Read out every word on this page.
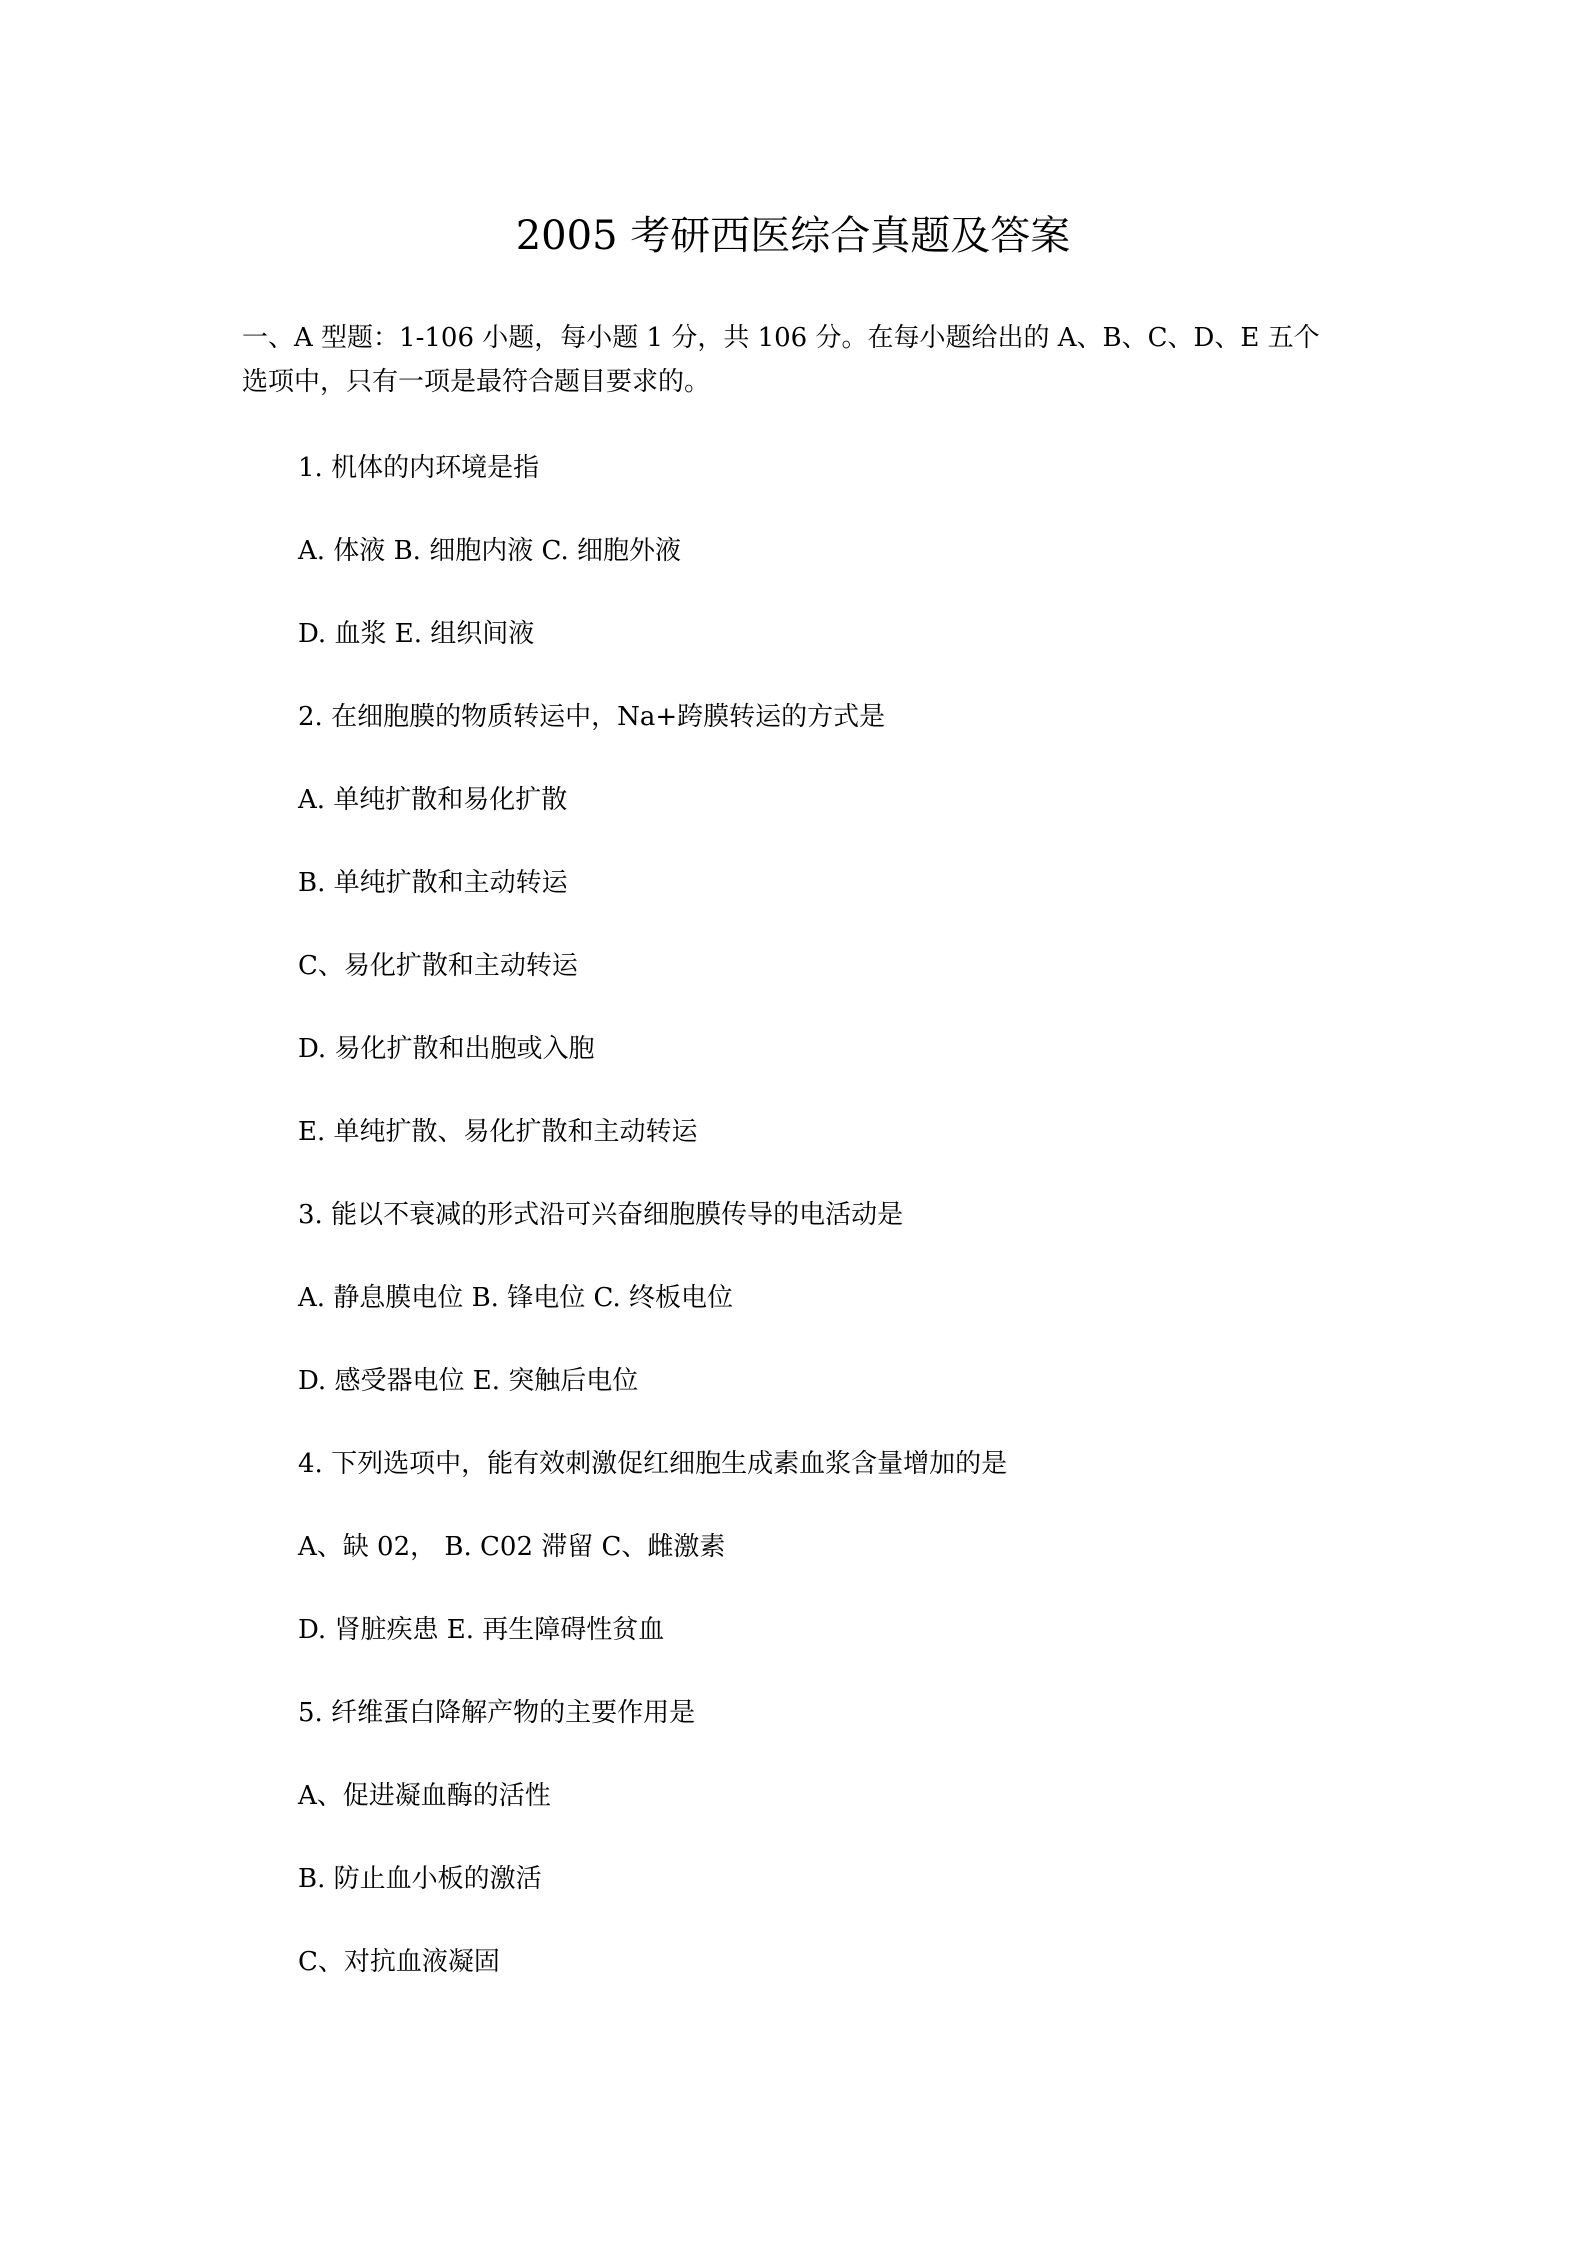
2005 考研西医综合真题及答案

一、A 型题：1-106 小题，每小题 1 分，共 106 分。在每小题给出的 A、B、C、D、E 五个

选项中，只有一项是最符合题目要求的。

1. 机体的内环境是指
A. 体液 B. 细胞内液 C. 细胞外液
D. 血浆 E. 组织间液
2. 在细胞膜的物质转运中，Na+跨膜转运的方式是
A. 单纯扩散和易化扩散
B. 单纯扩散和主动转运
C、易化扩散和主动转运
D. 易化扩散和出胞或入胞
E. 单纯扩散、易化扩散和主动转运
3. 能以不衰减的形式沿可兴奋细胞膜传导的电活动是
A. 静息膜电位 B. 锋电位 C. 终板电位
D. 感受器电位 E. 突触后电位
4. 下列选项中，能有效刺激促红细胞生成素血浆含量增加的是
A、缺 02， B. C02 滞留 C、雌激素
D. 肾脏疾患 E. 再生障碍性贫血
5. 纤维蛋白降解产物的主要作用是
A、促进凝血酶的活性
B. 防止血小板的激活
C、对抗血液凝固
